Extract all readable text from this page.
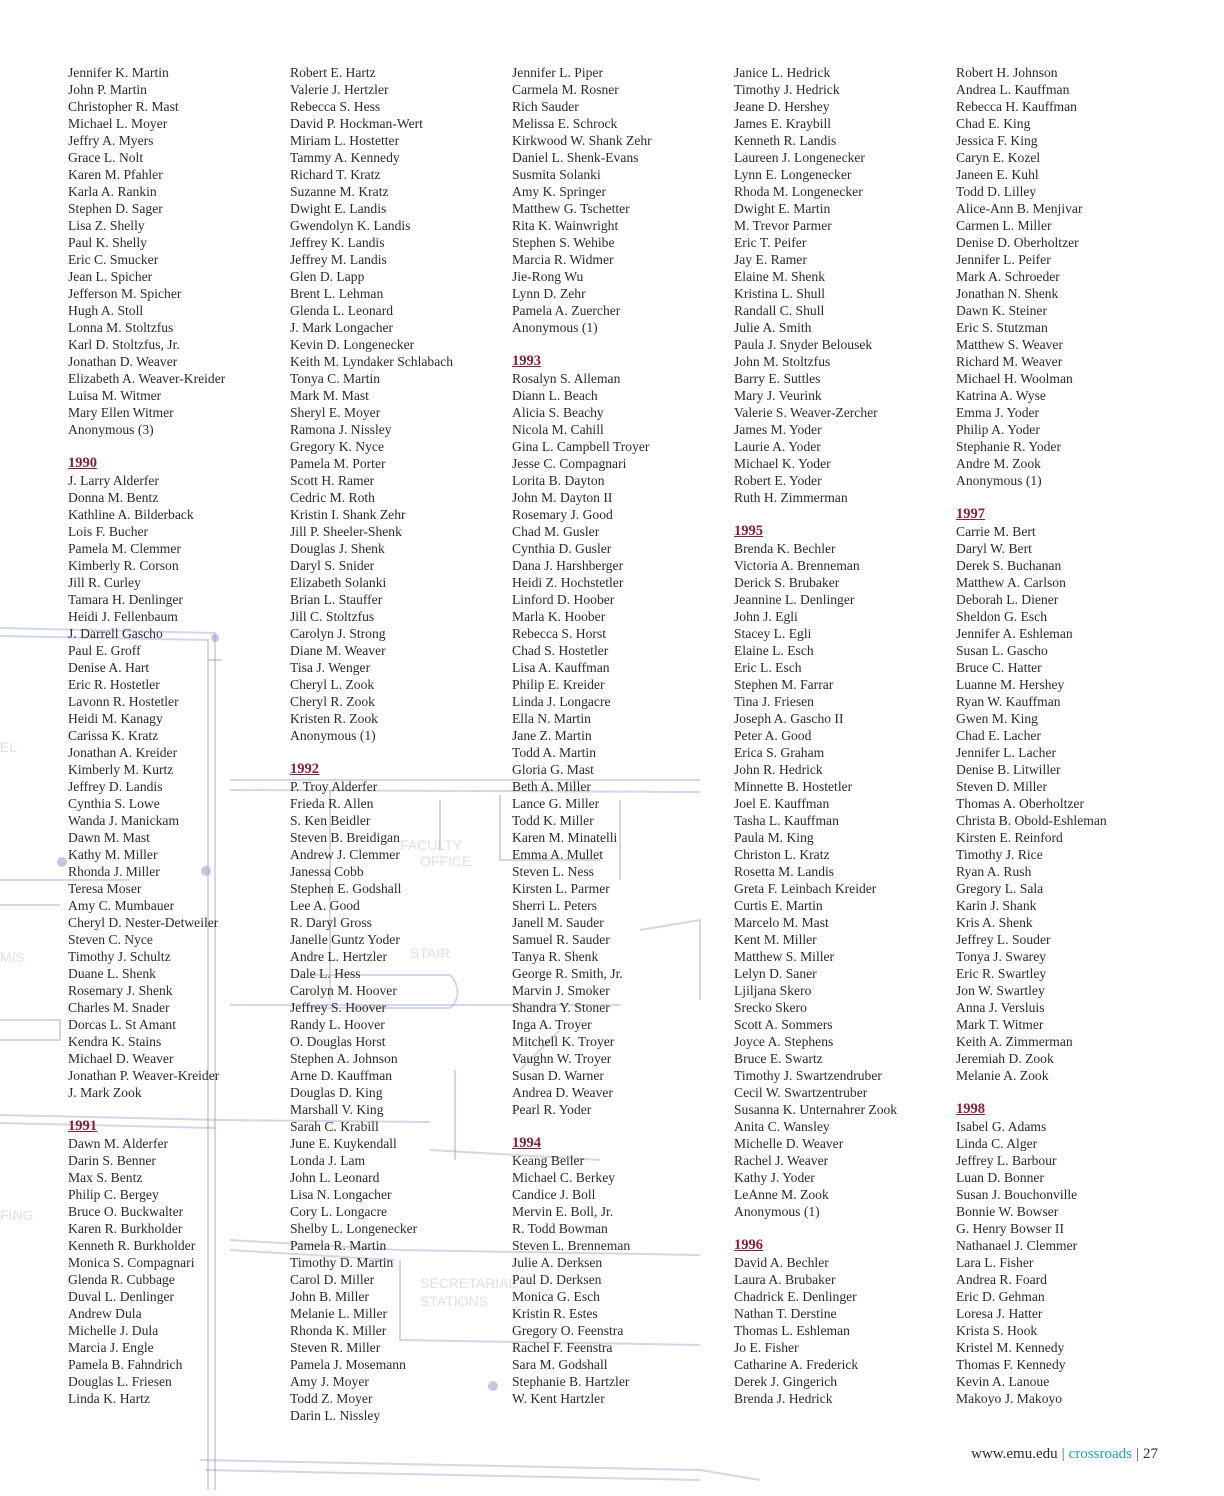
EL
M/S
FING
FACULTY
OFFICE
STAIR
SECRETARIAL
STATIONS
Jennifer K. Martin
John P. Martin
Christopher R. Mast
Michael L. Moyer
Jeffry A. Myers
Grace L. Nolt
Karen M. Pfahler
Karla A. Rankin
Stephen D. Sager
Lisa Z. Shelly
Paul K. Shelly
Eric C. Smucker
Jean L. Spicher
Jefferson M. Spicher
Hugh A. Stoll
Lonna M. Stoltzfus
Karl D. Stoltzfus, Jr.
Jonathan D. Weaver
Elizabeth A. Weaver-Kreider
Luisa M. Witmer
Mary Ellen Witmer
Anonymous (3)
1990
J. Larry Alderfer
Donna M. Bentz
Kathline A. Bilderback
Lois F. Bucher
Pamela M. Clemmer
Kimberly R. Corson
Jill R. Curley
Tamara H. Denlinger
Heidi J. Fellenbaum
J. Darrell Gascho
Paul E. Groff
Denise A. Hart
Eric R. Hostetler
Lavonn R. Hostetler
Heidi M. Kanagy
Carissa K. Kratz
Jonathan A. Kreider
Kimberly M. Kurtz
Jeffrey D. Landis
Cynthia S. Lowe
Wanda J. Manickam
Dawn M. Mast
Kathy M. Miller
Rhonda J. Miller
Teresa Moser
Amy C. Mumbauer
Cheryl D. Nester-Detweiler
Steven C. Nyce
Timothy J. Schultz
Duane L. Shenk
Rosemary J. Shenk
Charles M. Snader
Dorcas L. St Amant
Kendra K. Stains
Michael D. Weaver
Jonathan P. Weaver-Kreider
J. Mark Zook
1991
Dawn M. Alderfer
Darin S. Benner
Max S. Bentz
Philip C. Bergey
Bruce O. Buckwalter
Karen R. Burkholder
Kenneth R. Burkholder
Monica S. Compagnari
Glenda R. Cubbage
Duval L. Denlinger
Andrew Dula
Michelle J. Dula
Marcia J. Engle
Pamela B. Fahndrich
Douglas L. Friesen
Linda K. Hartz
Robert E. Hartz
Valerie J. Hertzler
Rebecca S. Hess
David P. Hockman-Wert
Miriam L. Hostetter
Tammy A. Kennedy
Richard T. Kratz
Suzanne M. Kratz
Dwight E. Landis
Gwendolyn K. Landis
Jeffrey K. Landis
Jeffrey M. Landis
Glen D. Lapp
Brent L. Lehman
Glenda L. Leonard
J. Mark Longacher
Kevin D. Longenecker
Keith M. Lyndaker Schlabach
Tonya C. Martin
Mark M. Mast
Sheryl E. Moyer
Ramona J. Nissley
Gregory K. Nyce
Pamela M. Porter
Scott H. Ramer
Cedric M. Roth
Kristin I. Shank Zehr
Jill P. Sheeler-Shenk
Douglas J. Shenk
Daryl S. Snider
Elizabeth Solanki
Brian L. Stauffer
Jill C. Stoltzfus
Carolyn J. Strong
Diane M. Weaver
Tisa J. Wenger
Cheryl L. Zook
Cheryl R. Zook
Kristen R. Zook
Anonymous (1)
1992
P. Troy Alderfer
Frieda R. Allen
S. Ken Beidler
Steven B. Breidigan
Andrew J. Clemmer
Janessa Cobb
Stephen E. Godshall
Lee A. Good
R. Daryl Gross
Janelle Guntz Yoder
Andre L. Hertzler
Dale L. Hess
Carolyn M. Hoover
Jeffrey S. Hoover
Randy L. Hoover
O. Douglas Horst
Stephen A. Johnson
Arne D. Kauffman
Douglas D. King
Marshall V. King
Sarah C. Krabill
June E. Kuykendall
Londa J. Lam
John L. Leonard
Lisa N. Longacher
Cory L. Longacre
Shelby L. Longenecker
Pamela R. Martin
Timothy D. Martin
Carol D. Miller
John B. Miller
Melanie L. Miller
Rhonda K. Miller
Steven R. Miller
Pamela J. Mosemann
Amy J. Moyer
Todd Z. Moyer
Darin L. Nissley
Jennifer L. Piper
Carmela M. Rosner
Rich Sauder
Melissa E. Schrock
Kirkwood W. Shank Zehr
Daniel L. Shenk-Evans
Susmita Solanki
Amy K. Springer
Matthew G. Tschetter
Rita K. Wainwright
Stephen S. Wehibe
Marcia R. Widmer
Jie-Rong Wu
Lynn D. Zehr
Pamela A. Zuercher
Anonymous (1)
1993
Rosalyn S. Alleman
Diann L. Beach
Alicia S. Beachy
Nicola M. Cahill
Gina L. Campbell Troyer
Jesse C. Compagnari
Lorita B. Dayton
John M. Dayton II
Rosemary J. Good
Chad M. Gusler
Cynthia D. Gusler
Dana J. Harshberger
Heidi Z. Hochstetler
Linford D. Hoober
Marla K. Hoober
Rebecca S. Horst
Chad S. Hostetler
Lisa A. Kauffman
Philip E. Kreider
Linda J. Longacre
Ella N. Martin
Jane Z. Martin
Todd A. Martin
Gloria G. Mast
Beth A. Miller
Lance G. Miller
Todd K. Miller
Karen M. Minatelli
Emma A. Mullet
Steven L. Ness
Kirsten L. Parmer
Sherri L. Peters
Janell M. Sauder
Samuel R. Sauder
Tanya R. Shenk
George R. Smith, Jr.
Marvin J. Smoker
Shandra Y. Stoner
Inga A. Troyer
Mitchell K. Troyer
Vaughn W. Troyer
Susan D. Warner
Andrea D. Weaver
Pearl R. Yoder
1994
Keang Beiler
Michael C. Berkey
Candice J. Boll
Mervin E. Boll, Jr.
R. Todd Bowman
Steven L. Brenneman
Julie A. Derksen
Paul D. Derksen
Monica G. Esch
Kristin R. Estes
Gregory O. Feenstra
Rachel F. Feenstra
Sara M. Godshall
Stephanie B. Hartzler
W. Kent Hartzler
Janice L. Hedrick
Timothy J. Hedrick
Jeane D. Hershey
James E. Kraybill
Kenneth R. Landis
Laureen J. Longenecker
Lynn E. Longenecker
Rhoda M. Longenecker
Dwight E. Martin
M. Trevor Parmer
Eric T. Peifer
Jay E. Ramer
Elaine M. Shenk
Kristina L. Shull
Randall C. Shull
Julie A. Smith
Paula J. Snyder Belousek
John M. Stoltzfus
Barry E. Suttles
Mary J. Veurink
Valerie S. Weaver-Zercher
James M. Yoder
Laurie A. Yoder
Michael K. Yoder
Robert E. Yoder
Ruth H. Zimmerman
1995
Brenda K. Bechler
Victoria A. Brenneman
Derick S. Brubaker
Jeannine L. Denlinger
John J. Egli
Stacey L. Egli
Elaine L. Esch
Eric L. Esch
Stephen M. Farrar
Tina J. Friesen
Joseph A. Gascho II
Peter A. Good
Erica S. Graham
John R. Hedrick
Minnette B. Hostetler
Joel E. Kauffman
Tasha L. Kauffman
Paula M. King
Christon L. Kratz
Rosetta M. Landis
Greta F. Leinbach Kreider
Curtis E. Martin
Marcelo M. Mast
Kent M. Miller
Matthew S. Miller
Lelyn D. Saner
Ljiljana Skero
Srecko Skero
Scott A. Sommers
Joyce A. Stephens
Bruce E. Swartz
Timothy J. Swartzendruber
Cecil W. Swartzentruber
Susanna K. Unternahrer Zook
Anita C. Wansley
Michelle D. Weaver
Rachel J. Weaver
Kathy J. Yoder
LeAnne M. Zook
Anonymous (1)
1996
David A. Bechler
Laura A. Brubaker
Chadrick E. Denlinger
Nathan T. Derstine
Thomas L. Eshleman
Jo E. Fisher
Catharine A. Frederick
Derek J. Gingerich
Brenda J. Hedrick
Robert H. Johnson
Andrea L. Kauffman
Rebecca H. Kauffman
Chad E. King
Jessica F. King
Caryn E. Kozel
Janeen E. Kuhl
Todd D. Lilley
Alice-Ann B. Menjivar
Carmen L. Miller
Denise D. Oberholtzer
Jennifer L. Peifer
Mark A. Schroeder
Jonathan N. Shenk
Dawn K. Steiner
Eric S. Stutzman
Matthew S. Weaver
Richard M. Weaver
Michael H. Woolman
Katrina A. Wyse
Emma J. Yoder
Philip A. Yoder
Stephanie R. Yoder
Andre M. Zook
Anonymous (1)
1997
Carrie M. Bert
Daryl W. Bert
Derek S. Buchanan
Matthew A. Carlson
Deborah L. Diener
Sheldon G. Esch
Jennifer A. Eshleman
Susan L. Gascho
Bruce C. Hatter
Luanne M. Hershey
Ryan W. Kauffman
Gwen M. King
Chad E. Lacher
Jennifer L. Lacher
Denise B. Litwiller
Steven D. Miller
Thomas A. Oberholtzer
Christa B. Obold-Eshleman
Kirsten E. Reinford
Timothy J. Rice
Ryan A. Rush
Gregory L. Sala
Karin J. Shank
Kris A. Shenk
Jeffrey L. Souder
Tonya J. Swarey
Eric R. Swartley
Jon W. Swartley
Anna J. Versluis
Mark T. Witmer
Keith A. Zimmerman
Jeremiah D. Zook
Melanie A. Zook
1998
Isabel G. Adams
Linda C. Alger
Jeffrey L. Barbour
Luan D. Bonner
Susan J. Bouchonville
Bonnie W. Bowser
G. Henry Bowser II
Nathanael J. Clemmer
Lara L. Fisher
Andrea R. Foard
Eric D. Gehman
Loresa J. Hatter
Krista S. Hook
Kristel M. Kennedy
Thomas F. Kennedy
Kevin A. Lanoue
Makoyo J. Makoyo
www.emu.edu | crossroads | 27
